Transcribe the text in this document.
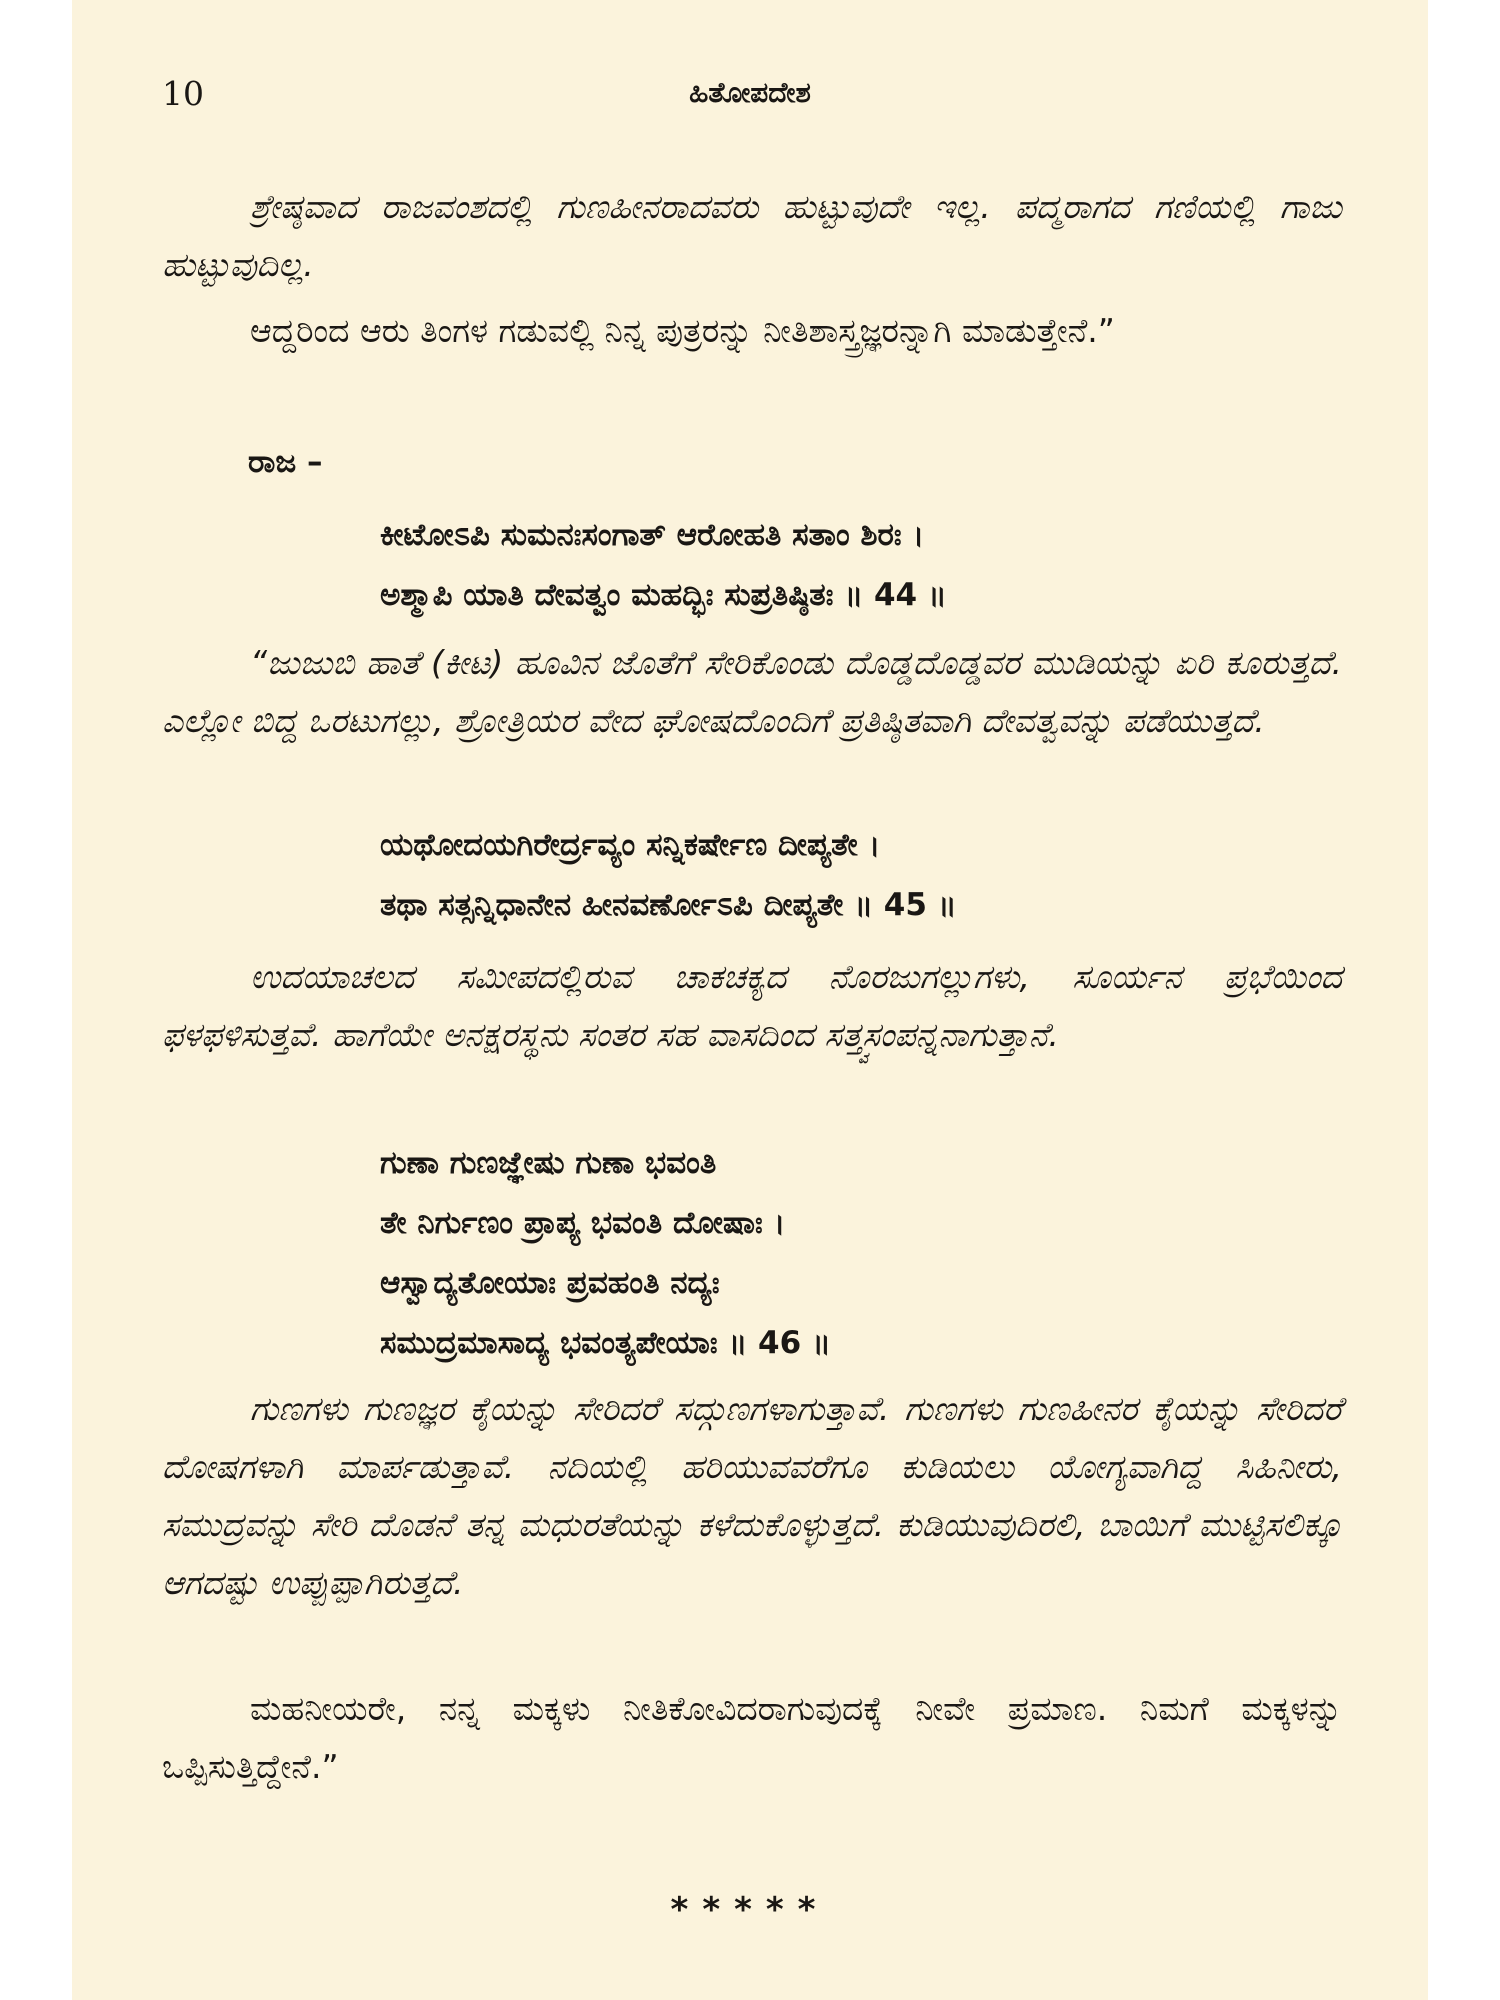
10	ಹಿತೋಪದೇಶ

ಶ್ರೇಷ್ಠವಾದ ರಾಜವಂಶದಲ್ಲಿ ಗುಣಹೀನರಾದವರು ಹುಟ್ಟುವುದೇ ಇಲ್ಲ. ಪದ್ಮರಾಗದ ಗಣಿಯಲ್ಲಿ ಗಾಜು ಹುಟ್ಟುವುದಿಲ್ಲ.

ಆದ್ದರಿಂದ ಆರು ತಿಂಗಳ ಗಡುವಲ್ಲಿ ನಿನ್ನ ಪುತ್ರರನ್ನು ನೀತಿಶಾಸ್ತ್ರಜ್ಞರನ್ನಾಗಿ ಮಾಡುತ್ತೇನೆ.”

ರಾಜ –

ಕೀಟೋಽಪಿ ಸುಮನಃಸಂಗಾತ್ ಆರೋಹತಿ ಸತಾಂ ಶಿರಃ ।

ಅಶ್ಮಾಪಿ ಯಾತಿ ದೇವತ್ವಂ ಮಹದ್ಭಿಃ ಸುಪ್ರತಿಷ್ಠಿತಃ ॥ 44 ॥

“ಜುಜುಬಿ ಹಾತೆ (ಕೀಟ) ಹೂವಿನ ಜೊತೆಗೆ ಸೇರಿಕೊಂಡು ದೊಡ್ಡದೊಡ್ಡವರ ಮುಡಿಯನ್ನು ಏರಿ ಕೂರುತ್ತದೆ. ಎಲ್ಲೋ ಬಿದ್ದ ಒರಟುಗಲ್ಲು, ಶ್ರೋತ್ರಿಯರ ವೇದ ಘೋಷದೊಂದಿಗೆ ಪ್ರತಿಷ್ಠಿತವಾಗಿ ದೇವತ್ವವನ್ನು ಪಡೆಯುತ್ತದೆ.

ಯಥೋದಯಗಿರೇರ್ದ್ರವ್ಯಂ ಸನ್ನಿಕರ್ಷೇಣ ದೀಪ್ಯತೇ ।

ತಥಾ ಸತ್ಸನ್ನಿಧಾನೇನ ಹೀನವರ್ಣೋಽಪಿ ದೀಪ್ಯತೇ ॥ 45 ॥

ಉದಯಾಚಲದ ಸಮೀಪದಲ್ಲಿರುವ ಚಾಕಚಕ್ಯದ ನೊರಜುಗಲ್ಲುಗಳು, ಸೂರ್ಯನ ಪ್ರಭೆಯಿಂದ ಫಳಫಳಿಸುತ್ತವೆ. ಹಾಗೆಯೇ ಅನಕ್ಷರಸ್ಥನು ಸಂತರ ಸಹ ವಾಸದಿಂದ ಸತ್ತ್ವಸಂಪನ್ನನಾಗುತ್ತಾನೆ.

ಗುಣಾ ಗುಣಜ್ಞೇಷು ಗುಣಾ ಭವಂತಿ

ತೇ ನಿರ್ಗುಣಂ ಪ್ರಾಪ್ಯ ಭವಂತಿ ದೋಷಾಃ ।

ಆಸ್ವಾದ್ಯತೋಯಾಃ ಪ್ರವಹಂತಿ ನದ್ಯಃ

ಸಮುದ್ರಮಾಸಾದ್ಯ ಭವಂತ್ಯಪೇಯಾಃ ॥ 46 ॥

ಗುಣಗಳು ಗುಣಜ್ಞರ ಕೈಯನ್ನು ಸೇರಿದರೆ ಸದ್ಗುಣಗಳಾಗುತ್ತಾವೆ. ಗುಣಗಳು ಗುಣಹೀನರ ಕೈಯನ್ನು ಸೇರಿದರೆ ದೋಷಗಳಾಗಿ ಮಾರ್ಪಡುತ್ತಾವೆ. ನದಿಯಲ್ಲಿ ಹರಿಯುವವರೆಗೂ ಕುಡಿಯಲು ಯೋಗ್ಯವಾಗಿದ್ದ ಸಿಹಿನೀರು, ಸಮುದ್ರವನ್ನು ಸೇರಿ ದೊಡನೆ ತನ್ನ ಮಧುರತೆಯನ್ನು ಕಳೆದುಕೊಳ್ಳುತ್ತದೆ. ಕುಡಿಯುವುದಿರಲಿ, ಬಾಯಿಗೆ ಮುಟ್ಟಿಸಲಿಕ್ಕೂ ಆಗದಷ್ಟು ಉಪ್ಪುಪ್ಪಾಗಿರುತ್ತದೆ.

ಮಹನೀಯರೇ, ನನ್ನ ಮಕ್ಕಳು ನೀತಿಕೋವಿದರಾಗುವುದಕ್ಕೆ ನೀವೇ ಪ್ರಮಾಣ. ನಿಮಗೆ ಮಕ್ಕಳನ್ನು ಒಪ್ಪಿಸುತ್ತಿದ್ದೇನೆ.”

*****
